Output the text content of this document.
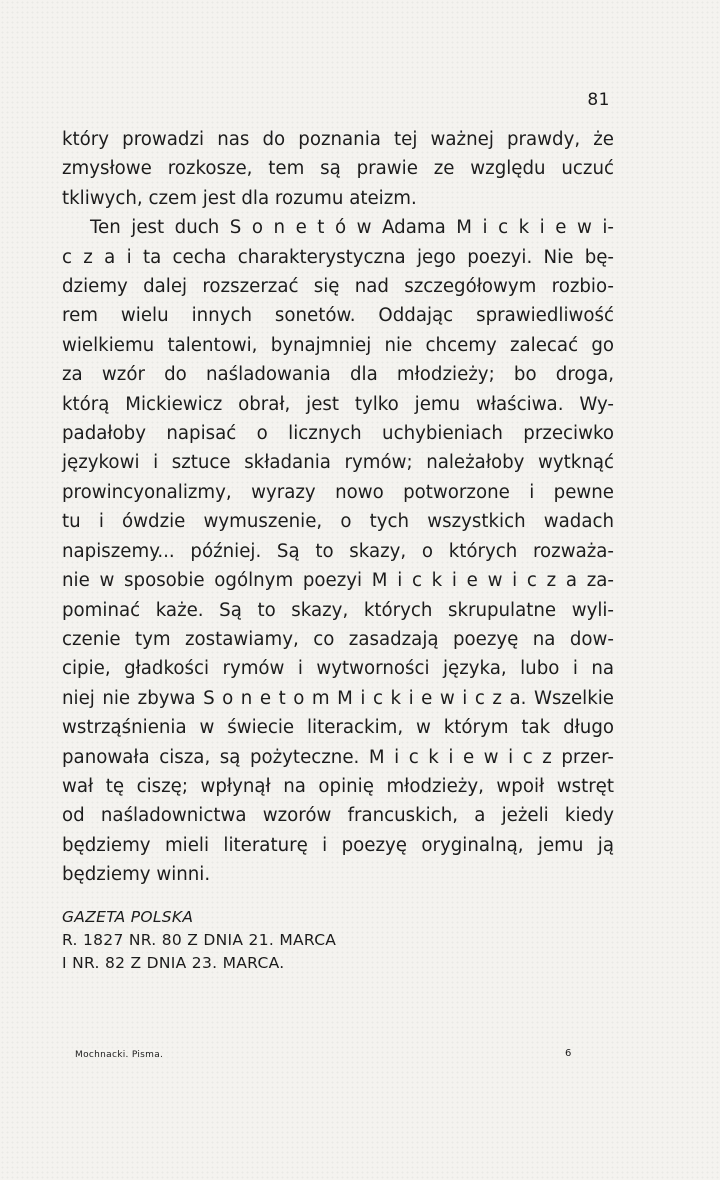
81
który prowadzi nas do poznania tej ważnej prawdy, że
zmysłowe rozkosze, tem są prawie ze względu uczuć
tkliwych, czem jest dla rozumu ateizm.
Ten jest duch S o n e t ó w Adama M i c k i e w i-
c z a i ta cecha charakterystyczna jego poezyi. Nie bę-
dziemy dalej rozszerzać się nad szczegółowym rozbio-
rem wielu innych sonetów. Oddając sprawiedliwość
wielkiemu talentowi, bynajmniej nie chcemy zalecać go
za wzór do naśladowania dla młodzieży; bo droga,
którą Mickiewicz obrał, jest tylko jemu właściwa. Wy-
padałoby napisać o licznych uchybieniach przeciwko
językowi i sztuce składania rymów; należałoby wytknąć
prowincyonalizmy, wyrazy nowo potworzone i pewne
tu i ówdzie wymuszenie, o tych wszystkich wadach
napiszemy... później. Są to skazy, o których rozważa-
nie w sposobie ogólnym poezyi M i c k i e w i c z a za-
pominać każe. Są to skazy, których skrupulatne wyli-
czenie tym zostawiamy, co zasadzają poezyę na dow-
cipie, gładkości rymów i wytworności języka, lubo i na
niej nie zbywa S o n e t o m M i c k i e w i c z a. Wszelkie
wstrząśnienia w świecie literackim, w którym tak długo
panowała cisza, są pożyteczne. M i c k i e w i c z przer-
wał tę ciszę; wpłynął na opinię młodzieży, wpoił wstręt
od naśladownictwa wzorów francuskich, a jeżeli kiedy
będziemy mieli literaturę i poezyę oryginalną, jemu ją
będziemy winni.
GAZETA POLSKA
R. 1827 NR. 80 Z DNIA 21. MARCA
I NR. 82 Z DNIA 23. MARCA.
Mochnacki. Pisma.	6
